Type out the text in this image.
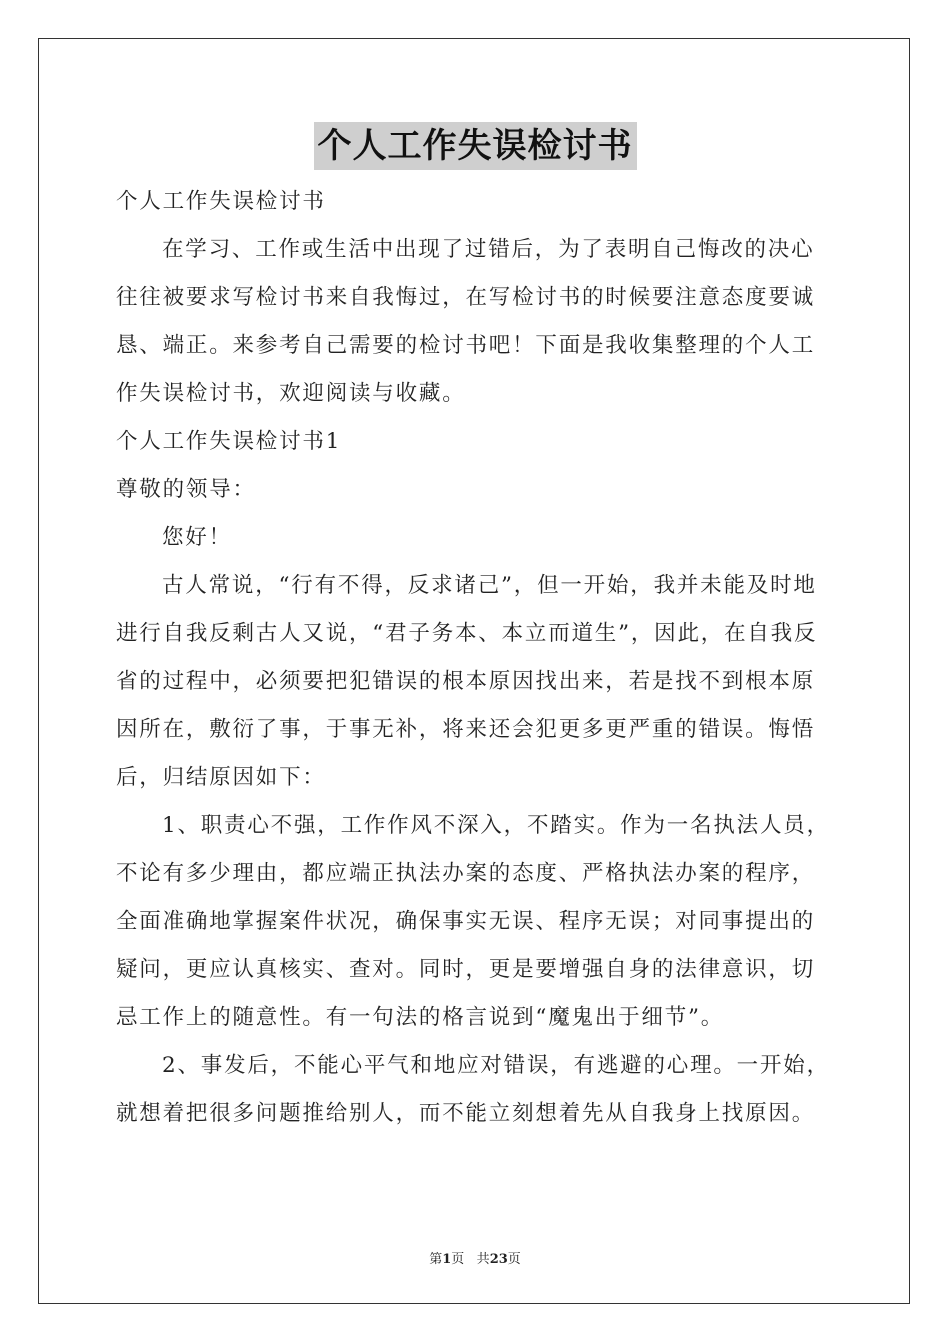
个人工作失误检讨书

个人工作失误检讨书

在学习、工作或生活中出现了过错后，为了表明自己悔改的决心往往被要求写检讨书来自我悔过，在写检讨书的时候要注意态度要诚恳、端正。来参考自己需要的检讨书吧！下面是我收集整理的个人工作失误检讨书，欢迎阅读与收藏。

个人工作失误检讨书1

尊敬的领导：

您好！

古人常说，“行有不得，反求诸己”，但一开始，我并未能及时地进行自我反剩古人又说，“君子务本、本立而道生”，因此，在自我反省的过程中，必须要把犯错误的根本原因找出来，若是找不到根本原因所在，敷衍了事，于事无补，将来还会犯更多更严重的错误。悔悟后，归结原因如下：

1、职责心不强，工作作风不深入，不踏实。作为一名执法人员，不论有多少理由，都应端正执法办案的态度、严格执法办案的程序，全面准确地掌握案件状况，确保事实无误、程序无误；对同事提出的疑问，更应认真核实、查对。同时，更是要增强自身的法律意识，切忌工作上的随意性。有一句法的格言说到“魔鬼出于细节”。

2、事发后，不能心平气和地应对错误，有逃避的心理。一开始，就想着把很多问题推给别人，而不能立刻想着先从自我身上找原因。

第1页 共23页
